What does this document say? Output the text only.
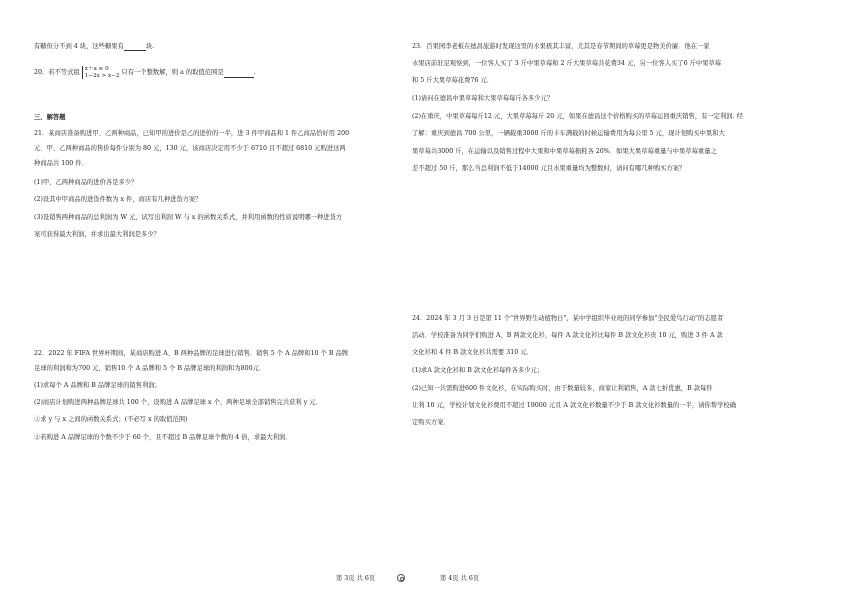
有糖但分不到 4 块，这些糖果有	块.
20．若不等式组
x＋a ≥ 0
1−2x > x−2 只有一个整数解，则 a 的取值范围是	.
三、解答题
21．某商店准备购进甲、乙两种商品，已知甲的进价是乙的进价的一半，进 3 件甲商品和 1 件乙商品恰好用 200
元．甲、乙两种商品的售价每件分别为 80 元，130 元，该商店决定用不少于 6710 且不超过 6810 元购进这两
种商品共 100 件．
(1)甲、乙两种商品的进价各是多少？
(2)设其中甲商品的进货件数为 x 件，商店有几种进货方案？
(3)设销售两种商品的总利润为 W 元，试写出利润 W 与 x 的函数关系式，并利用函数的性质说明哪一种进货方
案可获得最大利润，并求出最大利润是多少？
22．2022 年 FIFA 世界杯期间，某商店购进 A、B 两种品牌的足球进行销售．销售 5 个 A 品牌和10 个 B 品牌
足球的利润和为700 元，销售10 个 A 品牌和 5 个 B 品牌足球的利润和为800元．
(1)求每个 A 品牌和 B 品牌足球的销售利润；
(2)商店计划购进两种品牌足球共 100 个，设购进 A 品牌足球 x 个，两种足球全部销售完共获利 y 元．
①求 y 与 x 之间的函数关系式；(不必写 x 的取值范围)
②若购进 A 品牌足球的个数不少于 60 个，且不超过 B 品牌足球个数的 4 倍，求最大利润．
23．百果园李老板在德昌旅游时发现这里的水果极其丰富，尤其是春节期间的草莓更是物美价廉．他在一家
水果店前驻足观察到，一位客人买了 3 斤中果草莓和 2 斤大果草莓共花费34 元，另一位客人买了6 斤中果草莓
和 5 斤大果草莓花费76 元．
(1)请问在德昌中果草莓和大果草莓每斤各多少元？
(2)在重庆，中果草莓每斤12 元，大果草莓每斤 20 元，如果在德昌这个价格购买的草莓运回重庆销售，有一定利润. 经
了解：重庆到德昌 700 公里，一辆载重3000 斤的卡车满载的时候运输费用为每公里 5 元，现计划购买中果和大
果草莓共3000 斤，在运输以及销售过程中大果和中果草莓损耗各 20%．如果大果草莓重量与中果草莓重量之
差不超过 50 斤，那么当总利润不低于14000 元且水果重量均为整数时，请问有哪几种购买方案？
24．2024 年 3 月 3 日是第 11 个"世界野生动植物日"，某中学组织毕业班的同学参加"全民爱鸟行动"的志愿者
活动．学校准备为同学们购进 A、B 两款文化衫，每件 A 款文化衫比每件 B 款文化衫贵 10 元，购进 3 件 A 款
文化衫和 4 件 B 款文化衫共需要 310 元．
(1)求A 款文化衫和 B 款文化衫每件各多少元；
(2)已知一共需购进600 件文化衫，在实际购买时，由于数量较多，商家让利销售，A 款七折优惠，B 款每件
让利 10 元，学校计划文化衫费用不超过 19000 元且 A 款文化衫数量不少于 B 款文化衫数量的一半，请你帮学校确
定购买方案．
第 3页 共 6页	第 4页 共 6页
